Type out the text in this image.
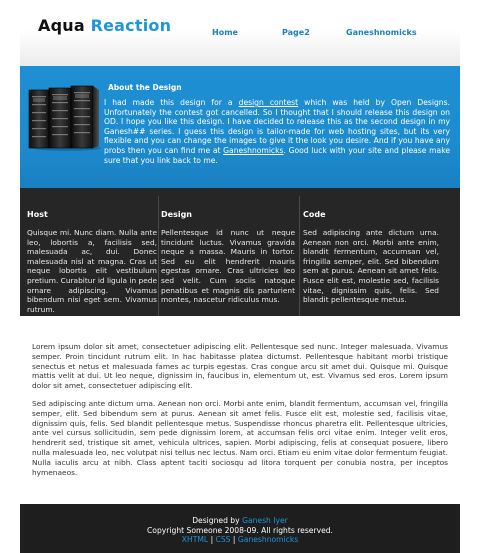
Aqua Reaction	Home	Page2	Ganeshnomicks
About the Design
I had made this design for a design contest which was held by Open Designs. Unfortunately the contest got cancelled. So I thought that I should release this design on OD. I hope you like this design. I have decided to release this as the second design in my Ganesh## series. I guess this design is tailor-made for web hosting sites, but its very flexible and you can change the images to give it the look you desire. And if you have any probs then you can find me at Ganeshnomicks. Good luck with your site and please make sure that you link back to me.
Host

Quisque mi. Nunc diam. Nulla ante leo, lobortis a, facilisis sed, malesuada ac, dui. Donec malesuada nisl at magna. Cras ut neque lobortis elit vestibulum pretium. Curabitur id ligula in pede ornare adipiscing. Vivamus bibendum nisi eget sem. Vivamus rutrum.

Design

Pellentesque id nunc ut neque tincidunt luctus. Vivamus gravida neque a massa. Mauris in tortor. Sed eu elit hendrerit mauris egestas ornare. Cras ultricies leo sed velit. Cum sociis natoque penatibus et magnis dis parturient montes, nascetur ridiculus mus.

Code

Sed adipiscing ante dictum urna. Aenean non orci. Morbi ante enim, blandit fermentum, accumsan vel, fringilla semper, elit. Sed bibendum sem at purus. Aenean sit amet felis. Fusce elit est, molestie sed, facilisis vitae, dignissim quis, felis. Sed blandit pellentesque metus.

Lorem ipsum dolor sit amet, consectetuer adipiscing elit. Pellentesque sed nunc. Integer malesuada. Vivamus semper. Proin tincidunt rutrum elit. In hac habitasse platea dictumst. Pellentesque habitant morbi tristique senectus et netus et malesuada fames ac turpis egestas. Cras congue arcu sit amet dui. Quisque mi. Quisque mattis velit at dui. Ut leo neque, dignissim in, faucibus in, elementum ut, est. Vivamus sed eros. Lorem ipsum dolor sit amet, consectetuer adipiscing elit.

Sed adipiscing ante dictum urna. Aenean non orci. Morbi ante enim, blandit fermentum, accumsan vel, fringilla semper, elit. Sed bibendum sem at purus. Aenean sit amet felis. Fusce elit est, molestie sed, facilisis vitae, dignissim quis, felis. Sed blandit pellentesque metus. Suspendisse rhoncus pharetra elit. Pellentesque ultricies, ante vel cursus sollicitudin, sem pede dignissim lorem, at accumsan felis orci vitae enim. Integer velit eros, hendrerit sed, tristique sit amet, vehicula ultrices, sapien. Morbi adipiscing, felis at consequat posuere, libero nulla malesuada leo, nec volutpat nisi tellus nec lectus. Nam orci. Etiam eu enim vitae dolor fermentum feugiat. Nulla iaculis arcu at nibh. Class aptent taciti sociosqu ad litora torquent per conubia nostra, per inceptos hymenaeos.

Designed by Ganesh Iyer
Copyright Someone 2008-09. All rights reserved.
XHTML | CSS | Ganeshnomicks
